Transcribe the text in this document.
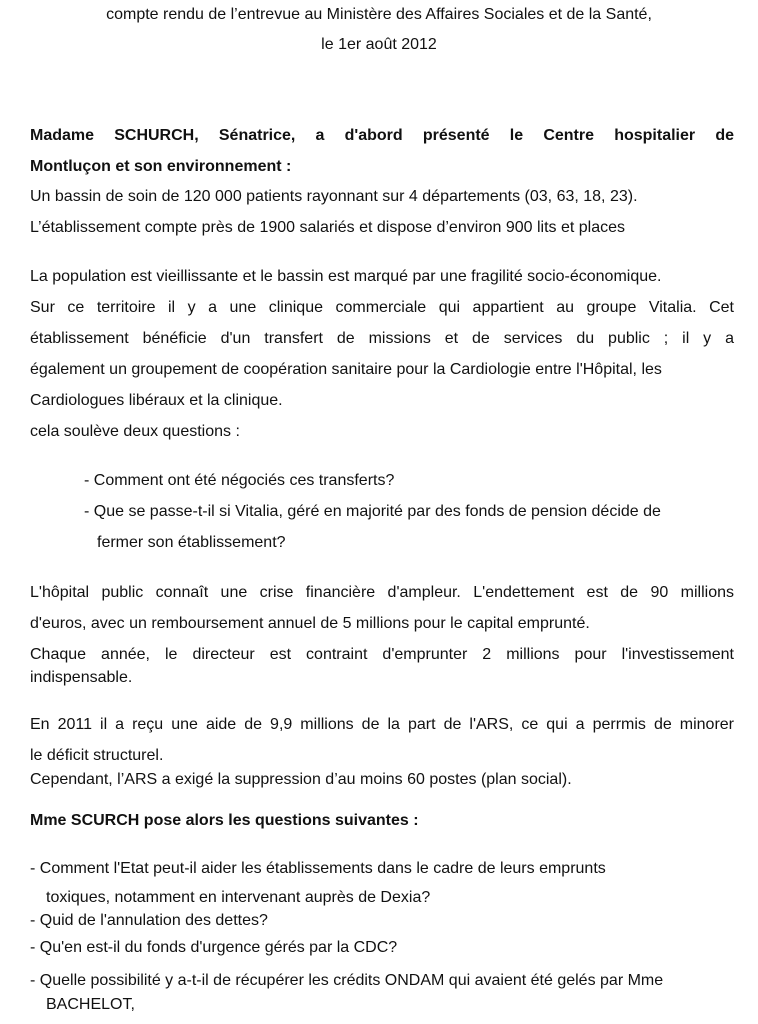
compte rendu de l’entrevue au Ministère des Affaires Sociales et de la Santé,

le 1er août 2012

Madame SCHURCH, Sénatrice, a d'abord présenté le Centre hospitalier de

Montluçon et son environnement :

Un bassin de soin de 120 000 patients rayonnant sur 4 départements (03, 63, 18, 23).

L’établissement compte près de 1900 salariés et dispose d’environ 900 lits et places

La population est vieillissante et le bassin est marqué par une fragilité socio-économique.

Sur ce territoire il y a une clinique commerciale qui appartient au groupe Vitalia. Cet

établissement bénéficie d'un transfert de missions et de services du public ; il y a

également un groupement de coopération sanitaire pour la Cardiologie entre l'Hôpital, les

Cardiologues libéraux et la clinique.

cela soulève deux questions :

- Comment ont été négociés ces transferts?

- Que se passe-t-il si Vitalia, géré en majorité par des fonds de pension décide de

fermer son établissement?

L'hôpital public connaît une crise financière d'ampleur. L'endettement est de 90 millions

d'euros, avec un remboursement annuel de 5 millions pour le capital emprunté.

Chaque année, le directeur est contraint d'emprunter 2 millions pour l'investissement

indispensable.

En 2011 il a reçu une aide de 9,9 millions de la part de l'ARS, ce qui a perrmis de minorer

le déficit structurel.

Cependant, l’ARS a exigé la suppression d’au moins 60 postes (plan social).

Mme SCURCH pose alors les questions suivantes :

- Comment l'Etat peut-il aider les établissements dans le cadre de leurs emprunts

toxiques, notamment en intervenant auprès de Dexia?

- Quid de l'annulation des dettes?

- Qu'en est-il du fonds d'urgence gérés par la CDC?

- Quelle possibilité y a-t-il de récupérer les crédits ONDAM qui avaient été gelés par Mme

BACHELOT,
